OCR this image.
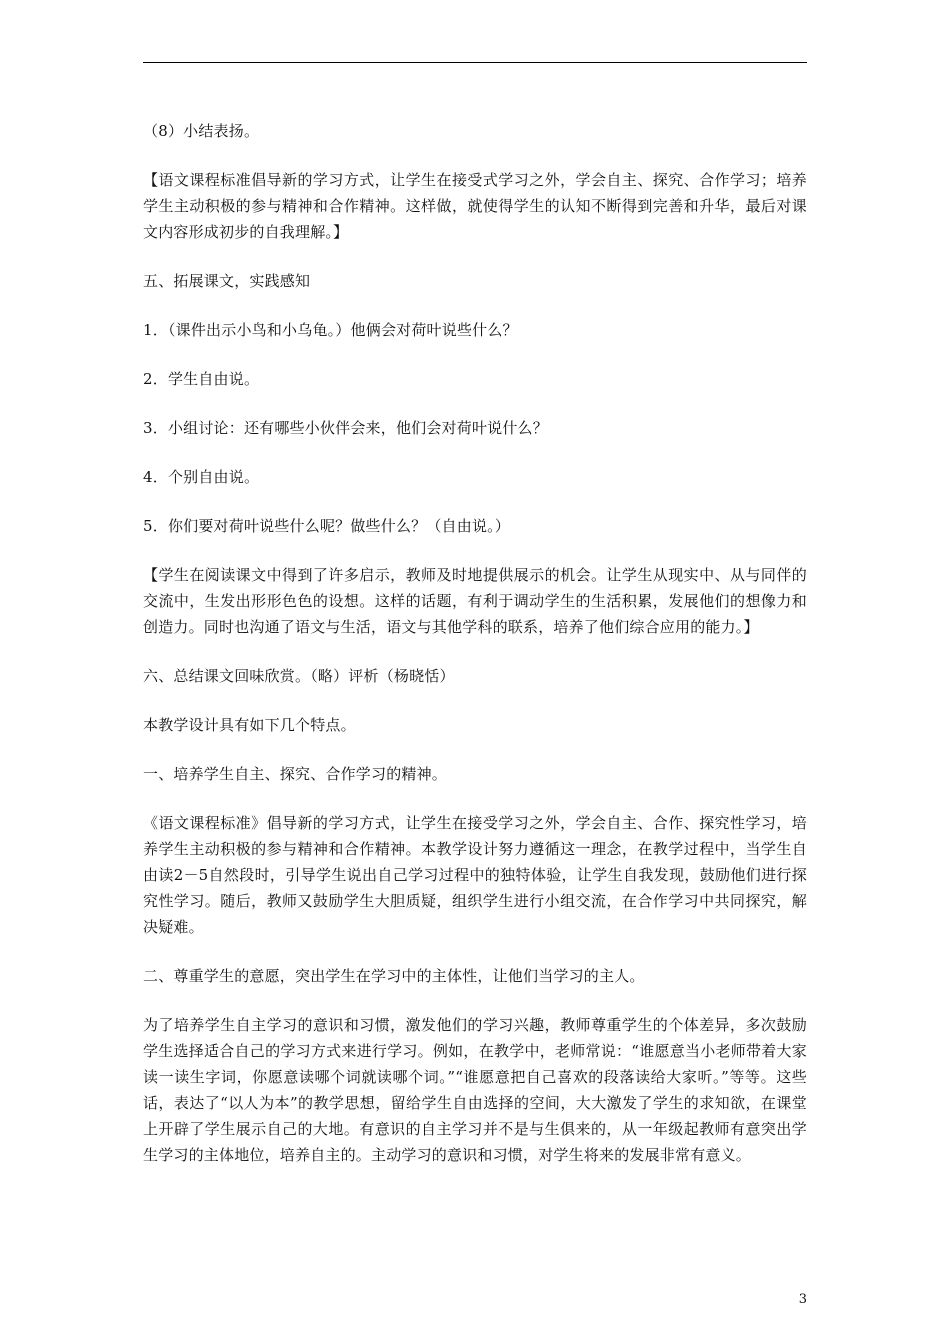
（8）小结表扬。

【语文课程标准倡导新的学习方式，让学生在接受式学习之外，学会自主、探究、合作学习；培养学生主动积极的参与精神和合作精神。这样做，就使得学生的认知不断得到完善和升华，最后对课文内容形成初步的自我理解。】

五、拓展课文，实践感知

1．（课件出示小鸟和小乌龟。）他俩会对荷叶说些什么？

2．学生自由说。

3．小组讨论：还有哪些小伙伴会来，他们会对荷叶说什么？

4．个别自由说。

5．你们要对荷叶说些什么呢？做些什么？（自由说。）

【学生在阅读课文中得到了许多启示，教师及时地提供展示的机会。让学生从现实中、从与同伴的交流中，生发出形形色色的设想。这样的话题，有利于调动学生的生活积累，发展他们的想像力和创造力。同时也沟通了语文与生活，语文与其他学科的联系，培养了他们综合应用的能力。】

六、总结课文回味欣赏。（略）评析（杨晓恬）

本教学设计具有如下几个特点。

一、培养学生自主、探究、合作学习的精神。

《语文课程标准》倡导新的学习方式，让学生在接受学习之外，学会自主、合作、探究性学习，培养学生主动积极的参与精神和合作精神。本教学设计努力遵循这一理念，在教学过程中，当学生自由读2－5自然段时，引导学生说出自己学习过程中的独特体验，让学生自我发现，鼓励他们进行探究性学习。随后，教师又鼓励学生大胆质疑，组织学生进行小组交流，在合作学习中共同探究，解决疑难。

二、尊重学生的意愿，突出学生在学习中的主体性，让他们当学习的主人。

为了培养学生自主学习的意识和习惯，激发他们的学习兴趣，教师尊重学生的个体差异，多次鼓励学生选择适合自己的学习方式来进行学习。例如，在教学中，老师常说：“谁愿意当小老师带着大家读一读生字词，你愿意读哪个词就读哪个词。”“谁愿意把自己喜欢的段落读给大家听。”等等。这些话，表达了“以人为本”的教学思想，留给学生自由选择的空间，大大激发了学生的求知欲，在课堂上开辟了学生展示自己的大地。有意识的自主学习并不是与生俱来的，从一年级起教师有意突出学生学习的主体地位，培养自主的。主动学习的意识和习惯，对学生将来的发展非常有意义。

3
